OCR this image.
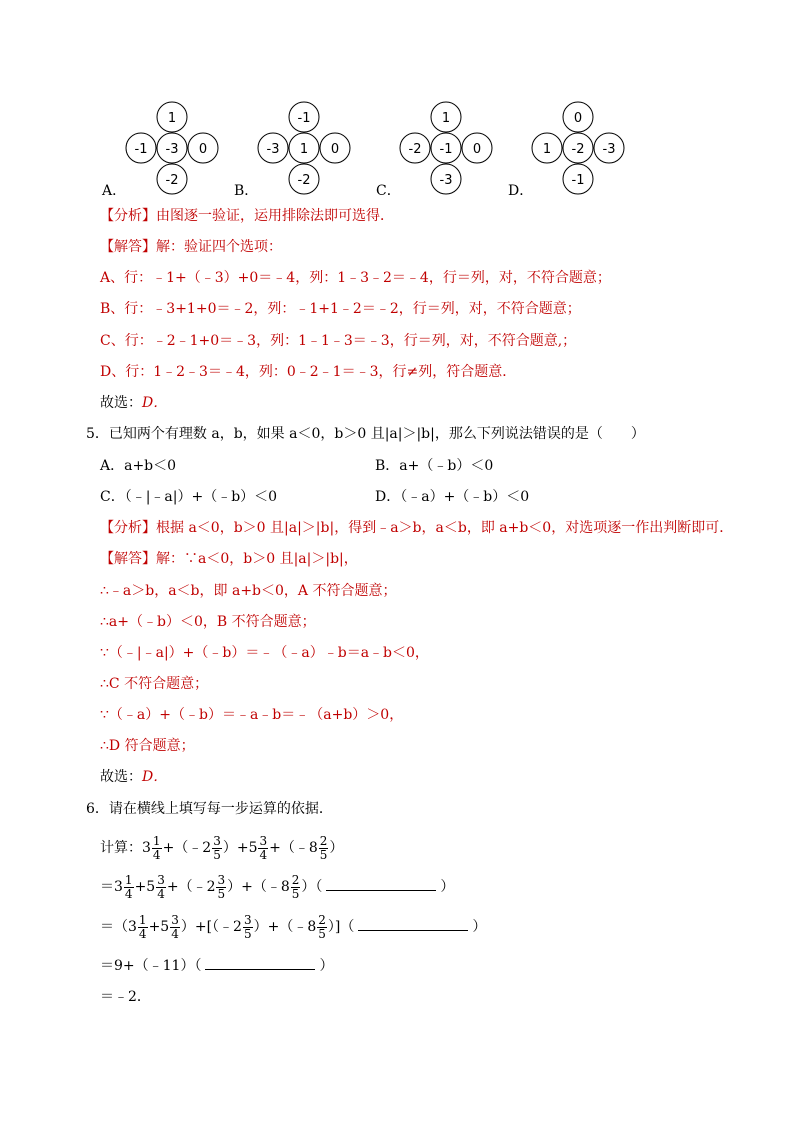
1
-1 -3 0
-2
-1
-3 1 0
-2
1
-2 -1 0
-3
0
1 -2 -3
-1
A．	B．	C．	D．
【分析】由图逐一验证，运用排除法即可选得．
【解答】解：验证四个选项：
A、行：﹣1+（﹣3）+0＝﹣4，列：1﹣3﹣2＝﹣4，行＝列，对，不符合题意；
B、行：﹣3+1+0＝﹣2，列：﹣1+1﹣2＝﹣2，行＝列，对，不符合题意；
C、行：﹣2﹣1+0＝﹣3，列：1﹣1﹣3＝﹣3，行＝列，对，不符合题意,；
D、行：1﹣2﹣3＝﹣4，列：0﹣2﹣1＝﹣3，行≠列，符合题意．
故选：D．
5．已知两个有理数 a，b，如果 a＜0，b＞0 且|a|＞|b|，那么下列说法错误的是（　　）
A．a+b＜0	B．a+（﹣b）＜0
C．（﹣|﹣a|）+（﹣b）＜0	D．（﹣a）+（﹣b）＜0
【分析】根据 a＜0，b＞0 且|a|＞|b|，得到﹣a＞b，a＜b，即 a+b＜0，对选项逐一作出判断即可．
【解答】解：∵a＜0，b＞0 且|a|＞|b|，
∴﹣a＞b，a＜b，即 a+b＜0，A 不符合题意；
∴a+（﹣b）＜0，B 不符合题意；
∵（﹣|﹣a|）+（﹣b）＝﹣（﹣a）﹣b＝a﹣b＜0，
∴C 不符合题意；
∵（﹣a）+（﹣b）＝﹣a﹣b＝﹣（a+b）＞0，
∴D 符合题意；
故选：D．
6．请在横线上填写每一步运算的依据．
计算：$3 \frac{1}{4}$ +（﹣2 $\frac{3}{5} )+5 \frac{3}{4}$ +（﹣8 $\frac{2}{5}$ ）
$=3 \frac{1}{4} +5 \frac{3}{4}$ +（﹣2 $\frac{3}{5}$ ）+（﹣8 $\frac{2}{5}$ ）（	）
$=(3 \frac{1}{4} +5 \frac{3}{4}$ ）+[（﹣2 $\frac{3}{5}$ ）+（﹣8 $\frac{2}{5}$ ）]（	）
＝9+（﹣11）（	）
＝﹣2．
